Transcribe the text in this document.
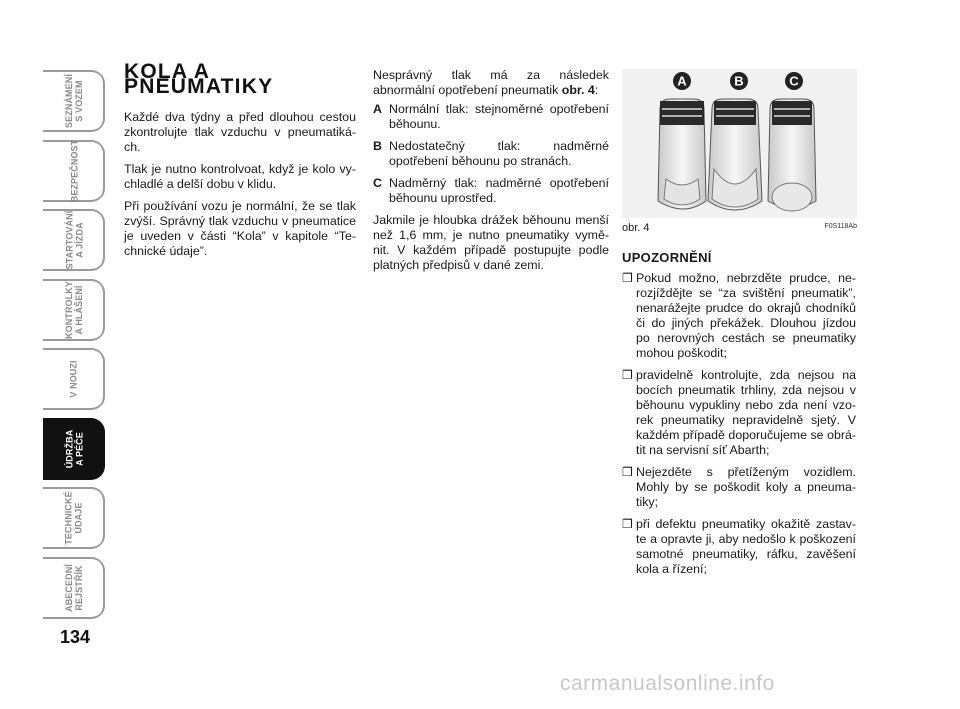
SEZNÁMENÍ
S VOZEM
BEZPEČNOST
STARTOVÁNÍ
A JÍZDA
KONTROLKY
A HLÁŠENÍ
V NOUZI
ÚDRŽBA
A PÉČE
TECHNICKÉ
ÚDAJE
ABECEDNÍ
REJSTŘÍK
134
KOLA A PNEUMATIKY

Každé dva týdny a před dlouhou cestou zkontrolujte tlak vzduchu v pneumatiká- ch.

Tlak je nutno kontrolvoat, když je kolo vy- chladlé a delší dobu v klidu.

Při používání vozu je normální, že se tlak zvýší. Správný tlak vzduchu v pneumatice je uveden v části “Kola” v kapitole “Te- chnické údaje”.

Nesprávný tlak má za následek abnormální opotřebení pneumatik obr. 4:

A Normální tlak: stejnoměrné opotřebení běhounu.
B Nedostatečný tlak: nadměrné opotřebení běhounu po stranách.
C Nadměrný tlak: nadměrné opotřebení běhounu uprostřed.

Jakmile je hloubka drážek běhounu menší než 1,6 mm, je nutno pneumatiky vymě- nit. V každém případě postupujte podle platných předpisů v dané zemi.

A	B	C
obr. 4	F0S118Ab
UPOZORNĚNÍ
❒ Pokud možno, nebrzděte prudce, ne- rozjíždějte se “za svištění pneumatik”, nenarážejte prudce do okrajů chodníků či do jiných překážek. Dlouhou jízdou po nerovných cestách se pneumatiky mohou poškodit;
❒ pravidelně kontrolujte, zda nejsou na bocích pneumatik trhliny, zda nejsou v běhounu vypukliny nebo zda není vzo- rek pneumatiky nepravidelně sjetý. V každém případě doporučujeme se obrá- tit na servisní síť Abarth;
❒ Nejezděte s přetíženým vozidlem. Mohly by se poškodit koly a pneuma- tiky;
❒ při defektu pneumatiky okažitě zastav- te a opravte ji, aby nedošlo k poškození samotné pneumatiky, ráfku, zavěšení kola a řízení;
carmanualsonline.info
